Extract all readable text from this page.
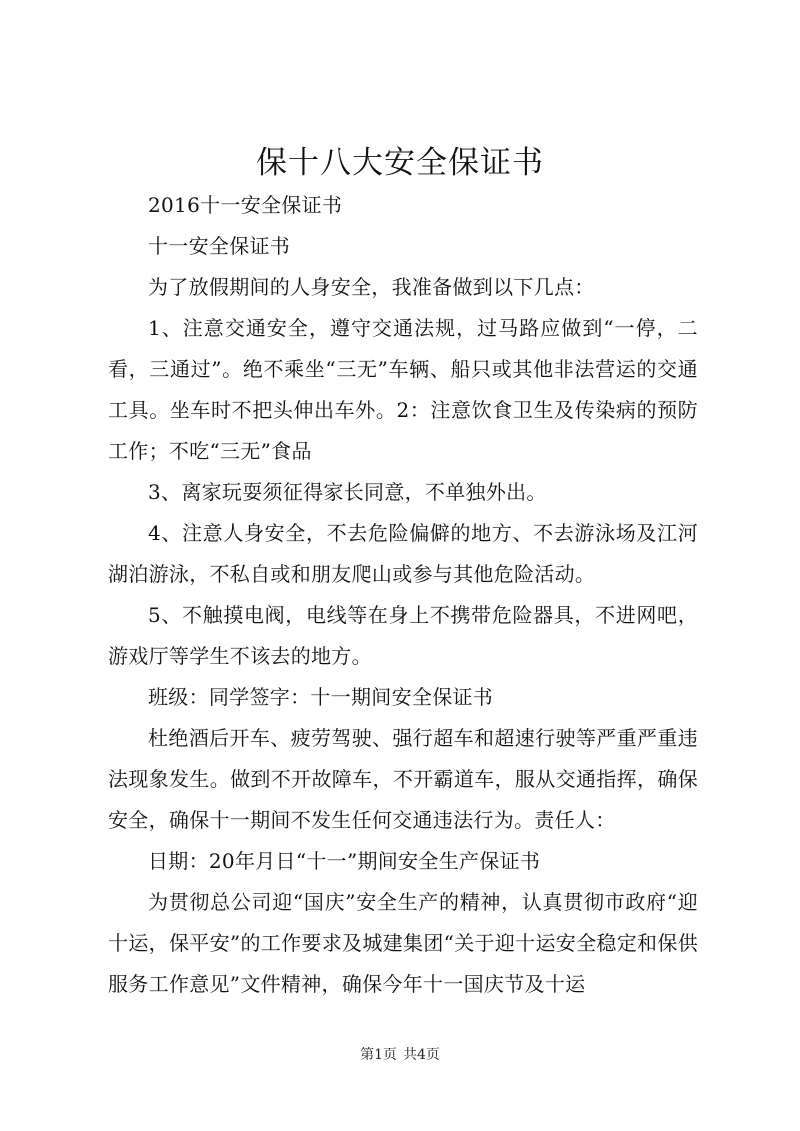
保十八大安全保证书

2016十一安全保证书

十一安全保证书

为了放假期间的人身安全，我准备做到以下几点：

1、注意交通安全，遵守交通法规，过马路应做到“一停，二看，三通过”。绝不乘坐“三无”车辆、船只或其他非法营运的交通工具。坐车时不把头伸出车外。2：注意饮食卫生及传染病的预防工作；不吃“三无”食品

3、离家玩耍须征得家长同意，不单独外出。

4、注意人身安全，不去危险偏僻的地方、不去游泳场及江河湖泊游泳，不私自或和朋友爬山或参与其他危险活动。

5、不触摸电阀，电线等在身上不携带危险器具，不进网吧，游戏厅等学生不该去的地方。

班级：同学签字：十一期间安全保证书

杜绝酒后开车、疲劳驾驶、强行超车和超速行驶等严重严重违法现象发生。做到不开故障车，不开霸道车，服从交通指挥，确保安全，确保十一期间不发生任何交通违法行为。责任人：

日期：20年月日“十一”期间安全生产保证书

为贯彻总公司迎“国庆”安全生产的精神，认真贯彻市政府“迎十运，保平安”的工作要求及城建集团“关于迎十运安全稳定和保供服务工作意见”文件精神，确保今年十一国庆节及十运

第1页 共4页
